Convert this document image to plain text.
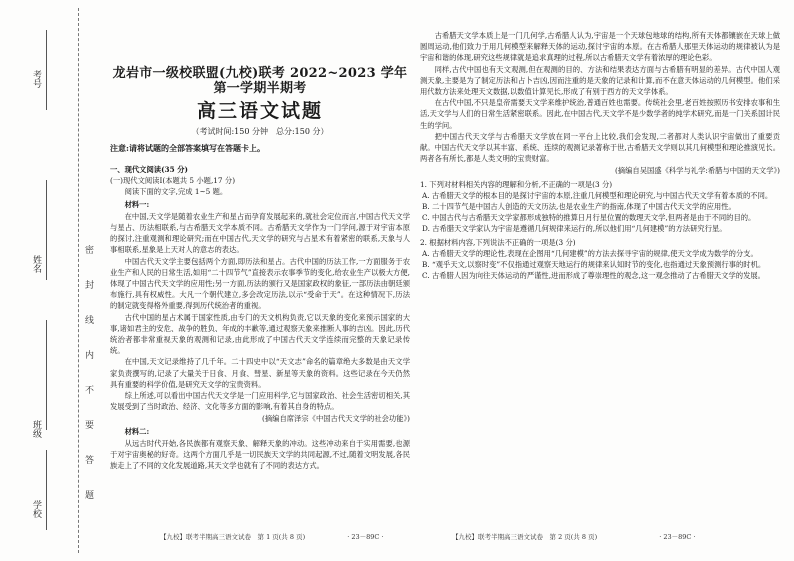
考号
姓名
班级
学校
密
封
线
内
不
要
答
题
龙岩市一级校联盟(九校)联考 2022~2023 学年第一学期半期考
高三语文试题
（考试时间:150 分钟　总分:150 分）
注意:请将试题的全部答案填写在答题卡上。
一、现代文阅读(35 分)
(一)现代文阅读Ⅰ(本题共 5 小题,17 分)
阅读下面的文字,完成 1~5 题。
材料一:

在中国,天文学是随着农业生产和星占而孕育发展起来的,就社会定位而言,中国古代天文学与星占、历法相联系,与古希腊天文学本质不同。古希腊天文学作为一门学问,源于对宇宙本原的探讨,注重观测和理论研究;而在中国古代,天文学的研究与占星术有着紧密的联系,天象与人事相联系,星象是上天对人的意志的表达。

中国古代天文学主要包括两个方面,即历法和星占。古代中国的历法工作,一方面服务于农业生产和人民的日常生活,如用“二十四节气”直接表示农事季节的变化,给农业生产以极大方便,体现了中国古代天文学的应用性;另一方面,历法的颁行又是国家政权的象征,一部历法由朝廷颁布施行,具有权威性。大凡一个朝代建立,多会改定历法,以示“受命于天”。在这种情况下,历法的制定就变得格外重要,得到历代统治者的重视。

古代中国的星占术属于国家性质,由专门的天文机构负责,它以天象的变化来预示国家的大事,诸如君主的安危、战争的胜负、年成的丰歉等,通过观察天象来推断人事的吉凶。因此,历代统治者都非常重视天象的观测和记录,由此形成了中国古代天文学连续而完整的天象记录传统。

在中国,天文记录维持了几千年。二十四史中以“天文志”命名的篇章绝大多数是由天文学家负责撰写的,记录了大量关于日食、月食、彗星、新星等天象的资料。这些记录在今天仍然具有重要的科学价值,是研究天文学的宝贵资料。

综上所述,可以看出中国古代天文学是一门应用科学,它与国家政治、社会生活密切相关,其发展受到了当时政治、经济、文化等多方面的影响,有着其自身的特点。

(摘编自席泽宗《中国古代天文学的社会功能》)
材料二:

从远古时代开始,各民族都有观察天象、解释天象的冲动。这些冲动来自于实用需要,也源于对宇宙奥秘的好奇。这两个方面几乎是一切民族天文学的共同起源,不过,随着文明发展,各民族走上了不同的文化发展道路,其天文学也就有了不同的表达方式。

古希腊天文学本质上是一门几何学,古希腊人认为,宇宙是一个天球包地球的结构,所有天体都镶嵌在天球上做圆周运动,他们致力于用几何模型来解释天体的运动,探讨宇宙的本原。在古希腊人那里天体运动的规律被认为是宇宙和谐的体现,研究这些规律就是追求真理的过程,所以古希腊天文学有着浓厚的理论色彩。

同样,古代中国也有天文观测,但在观测的目的、方法和结果表达方面与古希腊有明显的差异。古代中国人观测天象,主要是为了制定历法和占卜吉凶,因而注重的是天象的记录和计算,而不在意天体运动的几何模型。他们采用代数方法来处理天文数据,以数值计算见长,形成了有别于西方的天文学体系。

在古代中国,不只是皇帝需要天文学来维护统治,普通百姓也需要。传统社会里,老百姓按照历书安排农事和生活,天文学与人们的日常生活紧密联系。因此,在中国古代,天文学不是少数学者的纯学术研究,而是一门关系国计民生的学问。

把中国古代天文学与古希腊天文学放在同一平台上比较,我们会发现,二者都对人类认识宇宙做出了重要贡献。中国古代天文学以其丰富、系统、连续的观测记录著称于世,古希腊天文学则以其几何模型和理论推演见长。两者各有所长,都是人类文明的宝贵财富。

(摘编自吴国盛《科学与礼学:希腊与中国的天文学》)
1. 下列对材料相关内容的理解和分析,不正确的一项是(3 分)
A. 古希腊天文学的根本目的是探讨宇宙的本原,注重几何模型和理论研究,与中国古代天文学有着本质的不同。
B. 二十四节气是中国古人创造的天文历法,也是农业生产的指南,体现了中国古代天文学的应用性。
C. 中国古代与古希腊天文学家都形成独特的推算日月行星位置的数理天文学,但两者是由于不同的目的。
D. 古希腊天文学家认为宇宙是遵循几何规律来运行的,所以他们用“几何建模”的方法研究行星。
2. 根据材料内容,下列说法不正确的一项是(3 分)
A. 古希腊天文学的理论性,表现在企图用“几何建模”的方法去探寻宇宙的规律,使天文学成为数学的分支。
B. “观乎天文,以察时变”不仅指通过观察天地运行的规律来认知时节的变化,也指通过天象预测行事的时机。
C. 古希腊人因为向往天体运动的严谨性,进而形成了尊崇理性的观念,这一观念推动了古希腊天文学的发展。
【九校】联考半期高三语文试卷　第 1 页(共 8 页)	· 23－89C ·	【九校】联考半期高三语文试卷　第 2 页(共 8 页)	· 23－89C ·
